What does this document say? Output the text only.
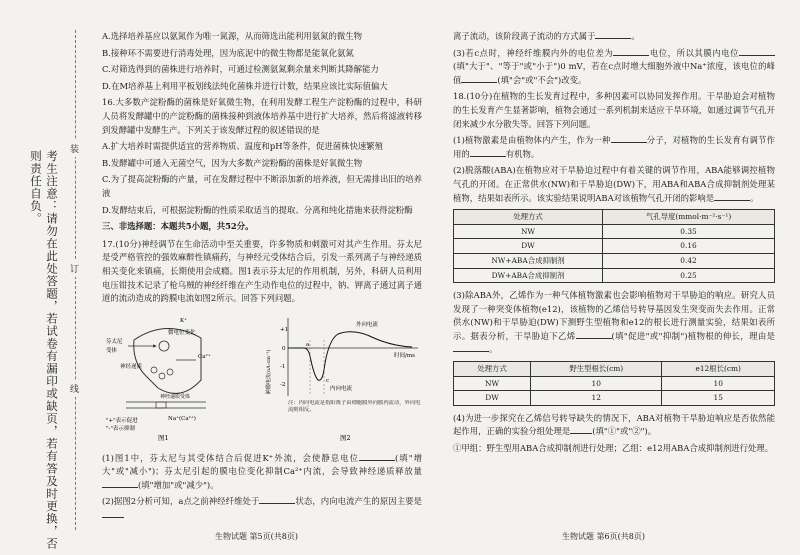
考生注意：请勿在此处答题，若试卷有漏印或缺页，若有答及时更换，否则责任自负。	装
订
线

A.选择培养基应以氨氮作为唯一氮源，从而筛选出能利用氨氮的微生物

B.接种环不需要进行消毒处理，因为底泥中的微生物都是能氧化氨氮

C.对筛选得到的菌株进行培养时，可通过检测氨氮剩余量来判断其降解能力

D.在M培养基上利用平板划线法纯化菌株并进行计数，结果应该比实际值偏大

16.大多数产淀粉酶的菌株是好氧微生物，在利用发酵工程生产淀粉酶的过程中，科研人员将发酵罐中的产淀粉酶的菌株接种到液体培养基中进行扩大培养，然后将滤液转移到发酵罐中发酵生产。下列关于该发酵过程的叙述错误的是

A.扩大培养时需提供适宜的营养物质、温度和pH等条件，促进菌株快速繁殖

B.发酵罐中可通入无菌空气，因为大多数产淀粉酶的菌株是好氧微生物

C.为了提高淀粉酶的产量，可在发酵过程中不断添加新的培养液，但无需排出旧的培养液

D.发酵结束后，可根据淀粉酶的性质采取适当的提取、分离和纯化措施来获得淀粉酶

三、非选择题：本题共5小题，共52分。

17.(10分)神经调节在生命活动中至关重要，许多物质和刺激可对其产生作用。芬太尼是受严格管控的强效麻醉性镇痛药，与神经元受体结合后，引发一系列离子与神经递质相关变化来镇痛，长期使用会成瘾。图1表示芬太尼的作用机制，另外，科研人员利用电压钳技术记录了枪乌贼的神经纤维在产生动作电位的过程中，钠、钾离子通过离子通道的流动造成的跨膜电流如图2所示。回答下列问题。

芬太尼
受体
微电位变化
神经递质
Ca²⁺
K⁺
Na⁺(Ca²⁺)
神经递质受体
"+"表示促进
"-"表示抑制
图1
+1
0
-1
-2
跨膜电流(nA·cm⁻²)	时间/ms
外向电流
内向电流
a
c
注：内向电流是指阳离子由细胞膜外向膜内流动，外向电流则相反。
图2

(1)图1中，芬太尼与其受体结合后促进K⁺外流，会使静息电位	(填"增大"或"减小")；芬太尼引起的膜电位变化抑制Ca²⁺内流，会导致神经递质释放量(填"增加"或"减少")。

(2)据图2分析可知，a点之前神经纤维处于	状态，内向电流产生的原因主要是

离子流动，该阶段离子流动的方式属于	。

(3)若c点时，神经纤维膜内外的电位差为	电位，所以其膜内电位(填"大于"、"等于"或"小于")0 mV，若在c点时增大细胞外液中Na⁺浓度，该电位的峰值	(填"会"或"不会")改变。

18.(10分)在植物的生长发育过程中，多种因素可以协同发挥作用。干旱胁迫会对植物的生长发育产生显著影响，植物会通过一系列机制来适应干旱环境，如通过调节气孔开闭来减少水分散失等。回答下列问题。

(1)植物激素是由植物体内产生，作为一种	分子，对植物的生长发育有调节作用的	有机物。

(2)脱落酸(ABA)在植物应对干旱胁迫过程中有着关键的调节作用，ABA能够调控植物气孔的开闭。在正常供水(NW)和干旱胁迫(DW)下，用ABA和ABA合成抑制剂处理某植物，结果如表所示。该实验结果说明ABA对该植物气孔开闭的影响是	。

处理方式	气孔导度(mmol·m⁻²·s⁻¹)
NW	0.35
DW	0.16
NW+ABA合成抑制剂	0.42
DW+ABA合成抑制剂	0.25

(3)除ABA外，乙烯作为一种气体植物激素也会影响植物对干旱胁迫的响应。研究人员发现了一种突变体植物(e12)，该植物的乙烯信号转导基因发生突变而失去作用。正常供水(NW)和干旱胁迫(DW)下测野生型植物和e12的根长进行测量实验，结果如表所示。据表分析，干旱胁迫下乙烯	(填"促进"或"抑制")植物根的伸长，理由是。

处理方式	野生型根长(cm)	e12根长(cm)
NW	10	10
DW	12	15

(4)为进一步探究在乙烯信号转导缺失的情况下，ABA对植物干旱胁迫响应是否依然能起作用，正确的实验分组处理是	(填"①"或"②")。

①甲组：野生型用ABA合成抑制剂进行处理；乙组：e12用ABA合成抑制剂进行处理。

生物试题 第5页(共8页)	生物试题 第6页(共8页)
